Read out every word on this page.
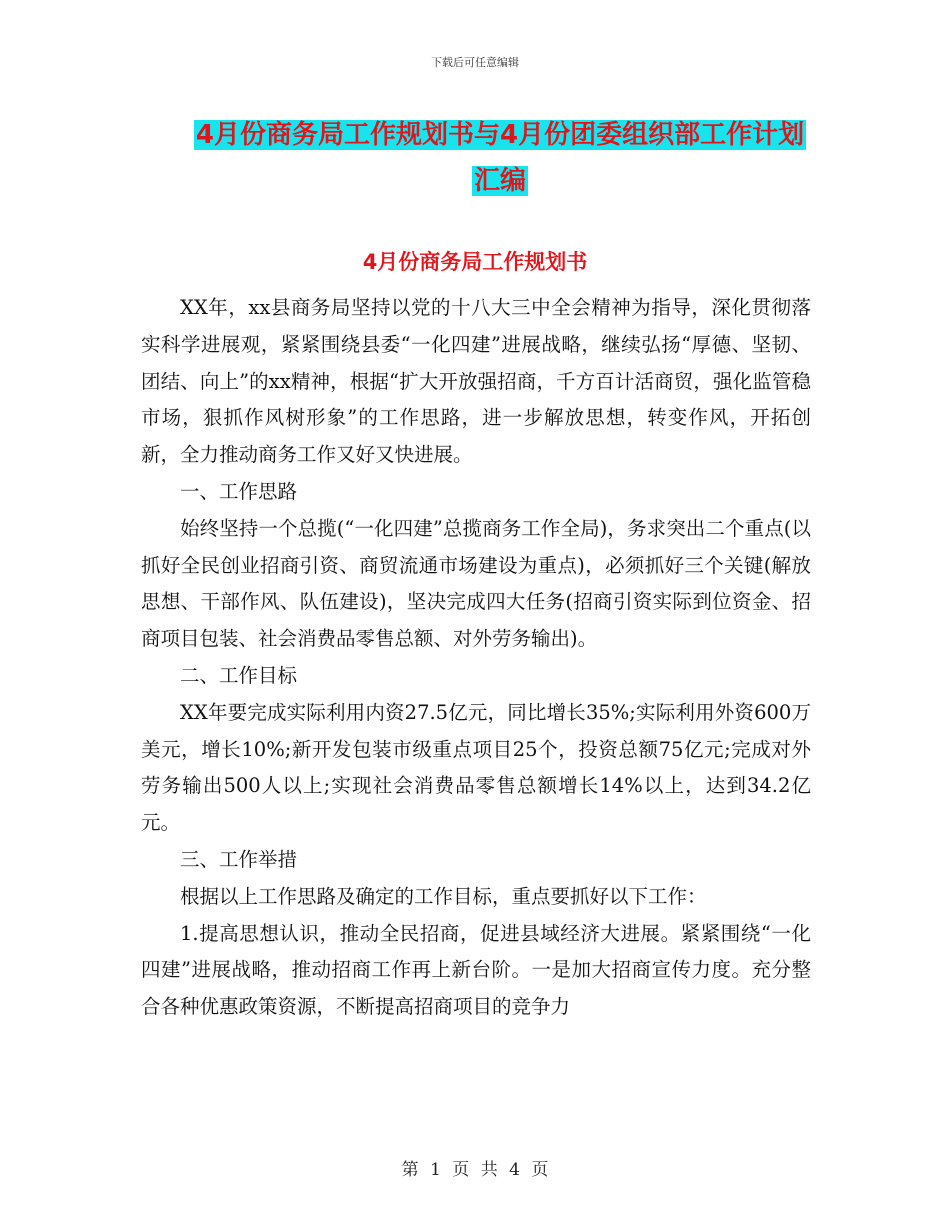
下载后可任意编辑
4月份商务局工作规划书与4月份团委组织部工作计划
汇编
4月份商务局工作规划书

XX年，xx县商务局坚持以党的十八大三中全会精神为指导，深化贯彻落实科学进展观，紧紧围绕县委“一化四建”进展战略，继续弘扬“厚德、坚韧、团结、向上”的xx精神，根据“扩大开放强招商，千方百计活商贸，强化监管稳市场，狠抓作风树形象”的工作思路，进一步解放思想，转变作风，开拓创新，全力推动商务工作又好又快进展。

一、工作思路

始终坚持一个总揽(“一化四建”总揽商务工作全局)，务求突出二个重点(以抓好全民创业招商引资、商贸流通市场建设为重点)，必须抓好三个关键(解放思想、干部作风、队伍建设)，坚决完成四大任务(招商引资实际到位资金、招商项目包装、社会消费品零售总额、对外劳务输出)。

二、工作目标

XX年要完成实际利用内资27.5亿元，同比增长35%;实际利用外资600万美元，增长10%;新开发包装市级重点项目25个，投资总额75亿元;完成对外劳务输出500人以上;实现社会消费品零售总额增长14%以上，达到34.2亿元。

三、工作举措

根据以上工作思路及确定的工作目标，重点要抓好以下工作：

1.提高思想认识，推动全民招商，促进县域经济大进展。紧紧围绕“一化四建”进展战略，推动招商工作再上新台阶。一是加大招商宣传力度。充分整合各种优惠政策资源，不断提高招商项目的竞争力

第 1 页 共 4 页
